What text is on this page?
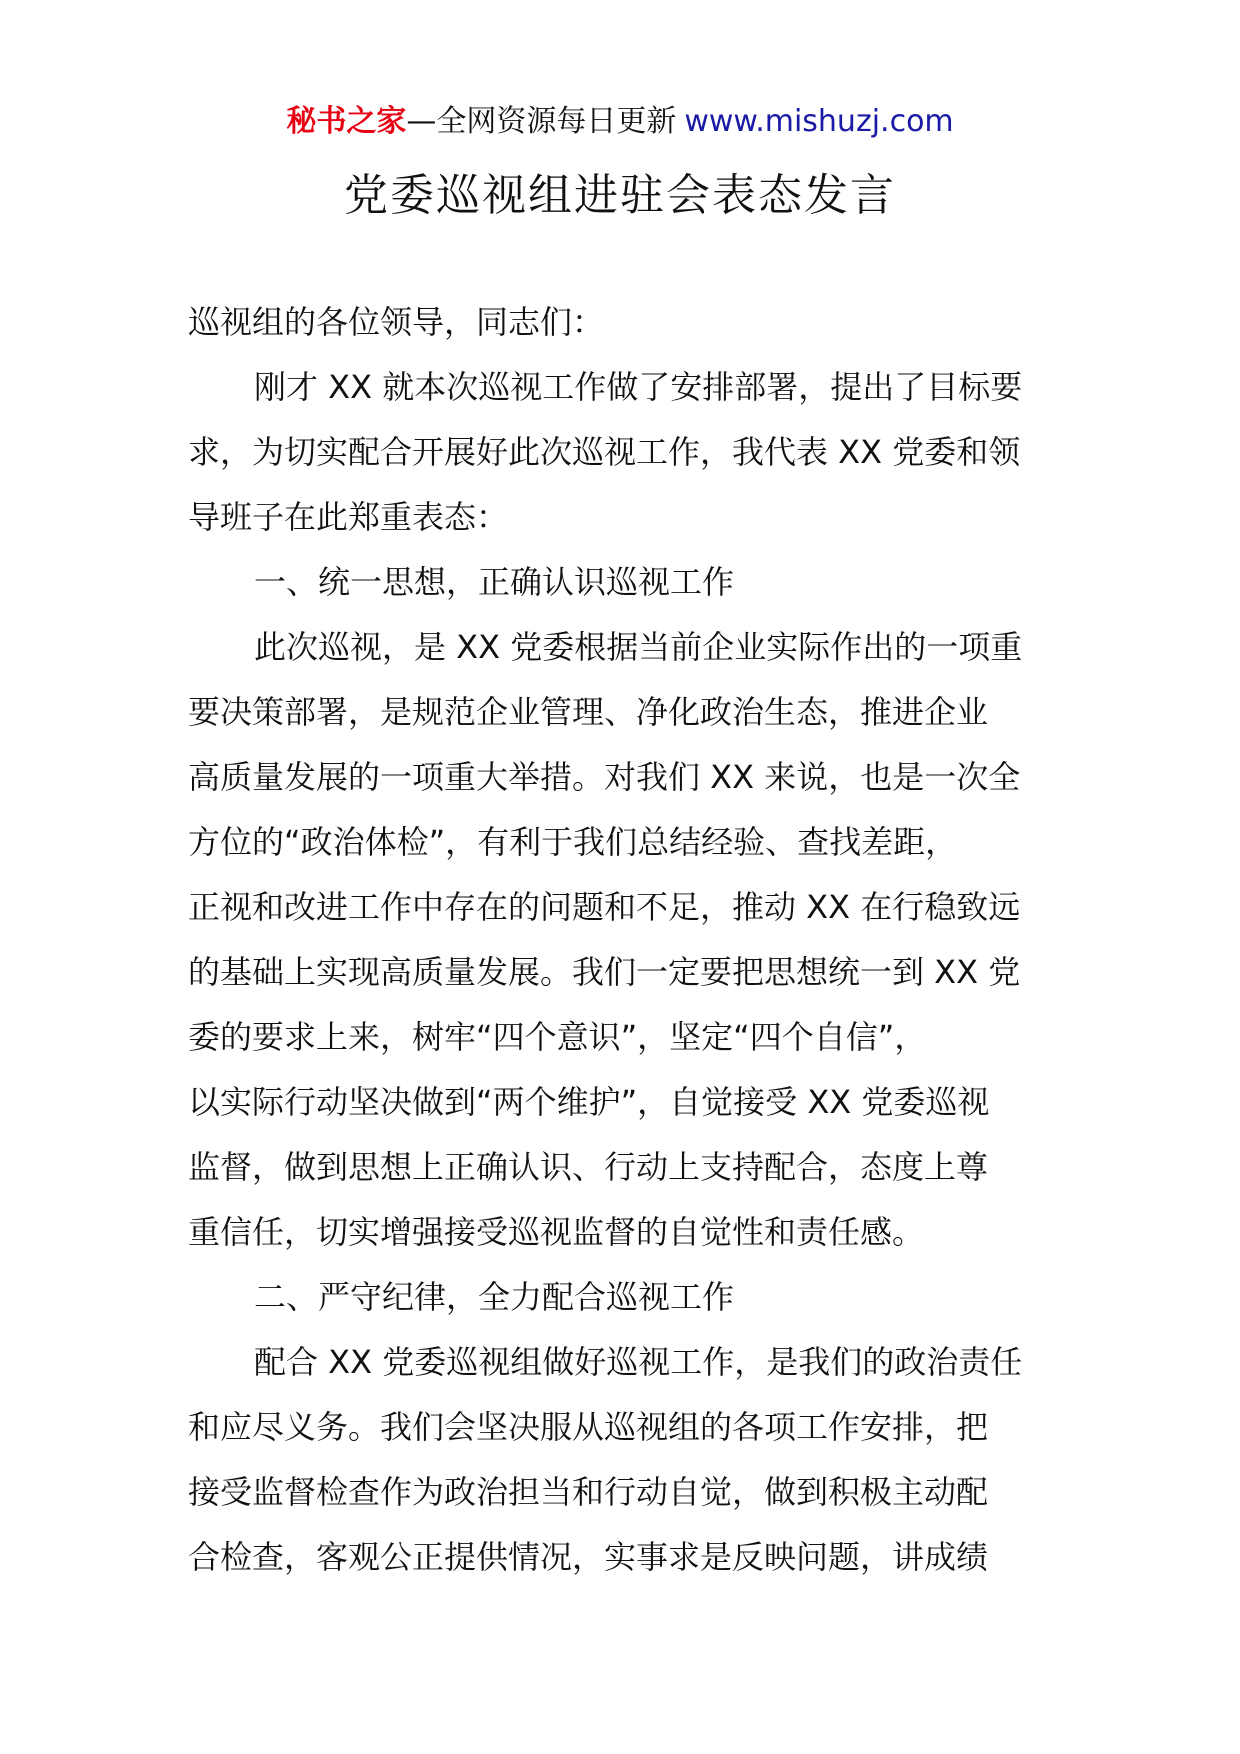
秘书之家—全网资源每日更新 www.mishuzj.com
党委巡视组进驻会表态发言
巡视组的各位领导，同志们：
刚才 XX 就本次巡视工作做了安排部署，提出了目标要
求，为切实配合开展好此次巡视工作，我代表 XX 党委和领
导班子在此郑重表态：
一、统一思想，正确认识巡视工作
此次巡视，是 XX 党委根据当前企业实际作出的一项重
要决策部署，是规范企业管理、净化政治生态，推进企业
高质量发展的一项重大举措。对我们 XX 来说，也是一次全
方位的“政治体检”，有利于我们总结经验、查找差距，
正视和改进工作中存在的问题和不足，推动 XX 在行稳致远
的基础上实现高质量发展。我们一定要把思想统一到 XX 党
委的要求上来，树牢“四个意识”，坚定“四个自信”，
以实际行动坚决做到“两个维护”，自觉接受 XX 党委巡视
监督，做到思想上正确认识、行动上支持配合，态度上尊
重信任，切实增强接受巡视监督的自觉性和责任感。
二、严守纪律，全力配合巡视工作
配合 XX 党委巡视组做好巡视工作，是我们的政治责任
和应尽义务。我们会坚决服从巡视组的各项工作安排，把
接受监督检查作为政治担当和行动自觉，做到积极主动配
合检查，客观公正提供情况，实事求是反映问题，讲成绩
